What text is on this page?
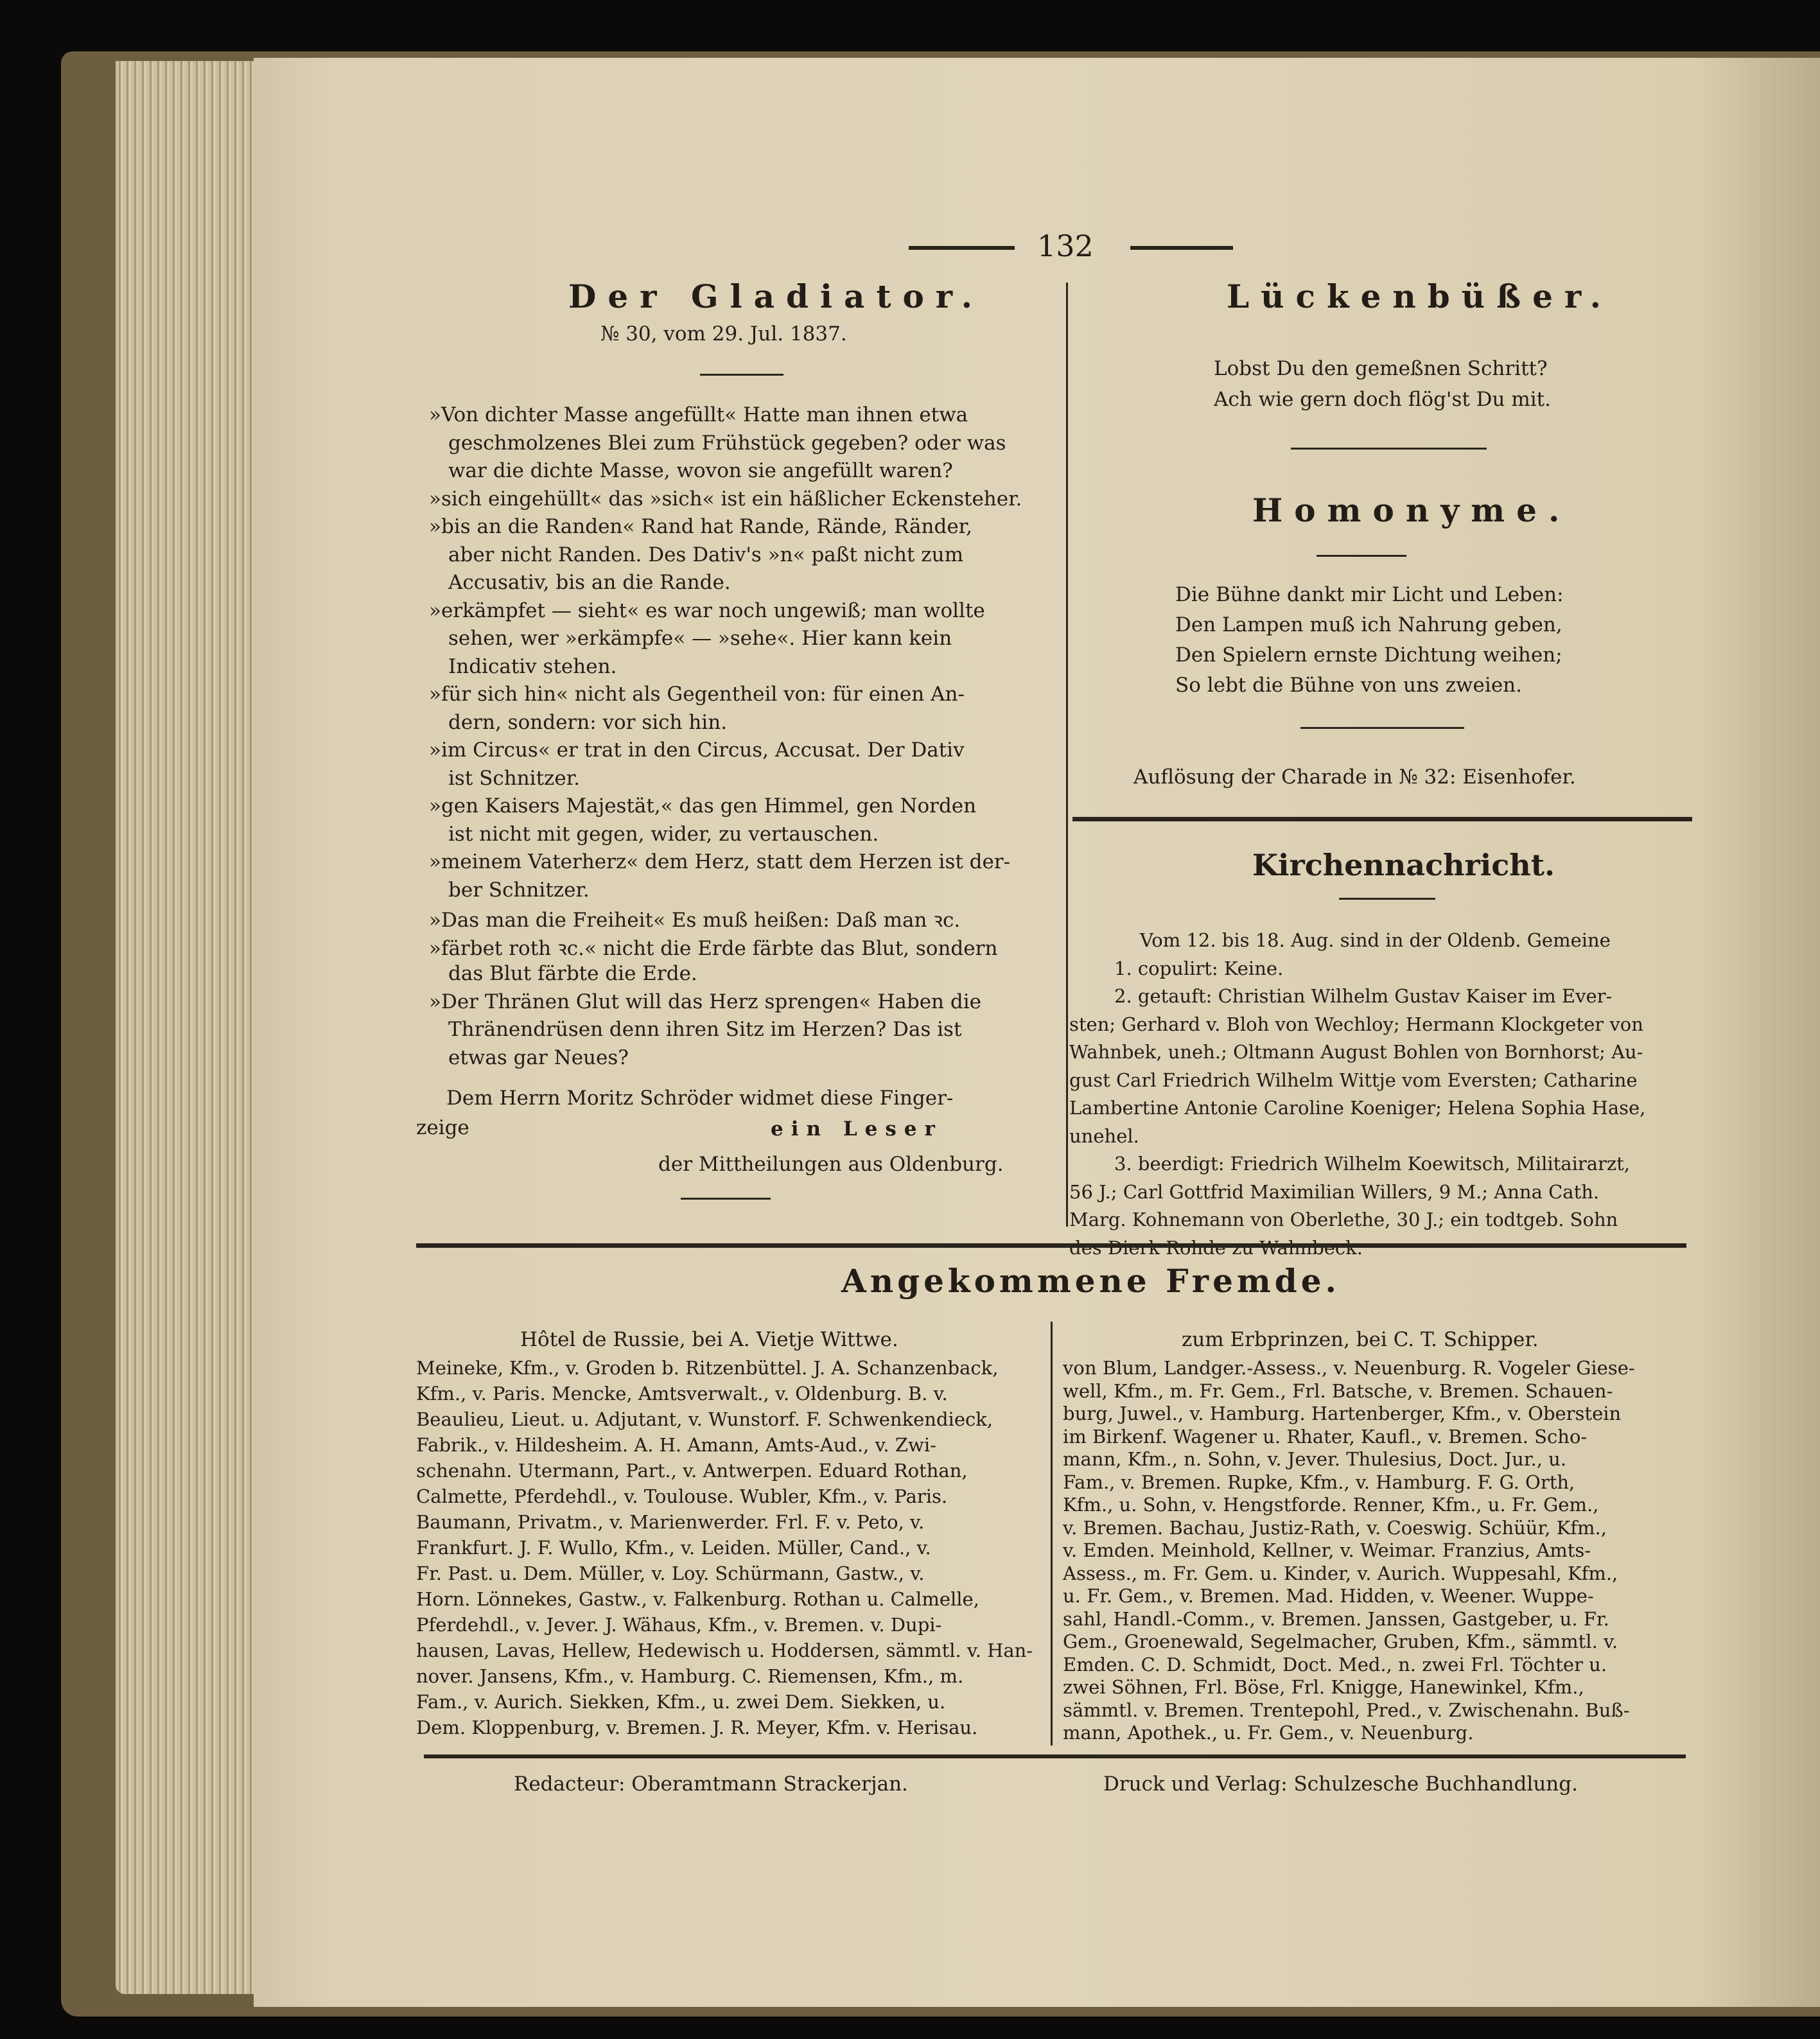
132
Der Gladiator.
№ 30, vom 29. Jul. 1837.
»Von dichter Masse angefüllt« Hatte man ihnen etwa
geschmolzenes Blei zum Frühstück gegeben? oder was
war die dichte Masse, wovon sie angefüllt waren?
»sich eingehüllt« das »sich« ist ein häßlicher Eckensteher.
»bis an die Randen« Rand hat Rande, Rände, Ränder,
aber nicht Randen. Des Dativ's »n« paßt nicht zum
Accusativ, bis an die Rande.
»erkämpfet — sieht« es war noch ungewiß; man wollte
sehen, wer »erkämpfe« — »sehe«. Hier kann kein
Indicativ stehen.
»für sich hin« nicht als Gegentheil von: für einen An-
dern, sondern: vor sich hin.
»im Circus« er trat in den Circus, Accusat. Der Dativ
ist Schnitzer.
»gen Kaisers Majestät,« das gen Himmel, gen Norden
ist nicht mit gegen, wider, zu vertauschen.
»meinem Vaterherz« dem Herz, statt dem Herzen ist der-
ber Schnitzer.
»Das man die Freiheit« Es muß heißen: Daß man ꝛc.
»färbet roth ꝛc.« nicht die Erde färbte das Blut, sondern
das Blut färbte die Erde.
»Der Thränen Glut will das Herz sprengen« Haben die
Thränendrüsen denn ihren Sitz im Herzen? Das ist
etwas gar Neues?
Dem Herrn Moritz Schröder widmet diese Finger-
zeige	ein Leser
der Mittheilungen aus Oldenburg.
Lückenbüßer.
Lobst Du den gemeßnen Schritt?
Ach wie gern doch flög'st Du mit.
Homonyme.
Die Bühne dankt mir Licht und Leben:
Den Lampen muß ich Nahrung geben,
Den Spielern ernste Dichtung weihen;
So lebt die Bühne von uns zweien.
Auflösung der Charade in № 32: Eisenhofer.
Kirchennachricht.
Vom 12. bis 18. Aug. sind in der Oldenb. Gemeine
1. copulirt: Keine.
2. getauft: Christian Wilhelm Gustav Kaiser im Ever-
sten; Gerhard v. Bloh von Wechloy; Hermann Klockgeter von
Wahnbek, uneh.; Oltmann August Bohlen von Bornhorst; Au-
gust Carl Friedrich Wilhelm Wittje vom Eversten; Catharine
Lambertine Antonie Caroline Koeniger; Helena Sophia Hase,
unehel.
3. beerdigt: Friedrich Wilhelm Koewitsch, Militairarzt,
56 J.; Carl Gottfrid Maximilian Willers, 9 M.; Anna Cath.
Marg. Kohnemann von Oberlethe, 30 J.; ein todtgeb. Sohn
Angekommene Fremde.
Hôtel de Russie, bei A. Vietje Wittwe.	zum Erbprinzen, bei C. T. Schipper.
Meineke, Kfm., v. Groden b. Ritzenbüttel. J. A. Schanzenback,
Kfm., v. Paris. Mencke, Amtsverwalt., v. Oldenburg. B. v.
Beaulieu, Lieut. u. Adjutant, v. Wunstorf. F. Schwenkendieck,
Fabrik., v. Hildesheim. A. H. Amann, Amts-Aud., v. Zwi-
schenahn. Utermann, Part., v. Antwerpen. Eduard Rothan,
Calmette, Pferdehdl., v. Toulouse. Wubler, Kfm., v. Paris.
Baumann, Privatm., v. Marienwerder. Frl. F. v. Peto, v.
Frankfurt. J. F. Wullo, Kfm., v. Leiden. Müller, Cand., v.
Fr. Past. u. Dem. Müller, v. Loy. Schürmann, Gastw., v.
Horn. Lönnekes, Gastw., v. Falkenburg. Rothan u. Calmelle,
Pferdehdl., v. Jever. J. Wähaus, Kfm., v. Bremen. v. Dupi-
hausen, Lavas, Hellew, Hedewisch u. Hoddersen, sämmtl. v. Han-
nover. Jansens, Kfm., v. Hamburg. C. Riemensen, Kfm., m.
Fam., v. Aurich. Siekken, Kfm., u. zwei Dem. Siekken, u.
Dem. Kloppenburg, v. Bremen. J. R. Meyer, Kfm. v. Herisau.
von Blum, Landger.-Assess., v. Neuenburg. R. Vogeler Giese-
well, Kfm., m. Fr. Gem., Frl. Batsche, v. Bremen. Schauen-
burg, Juwel., v. Hamburg. Hartenberger, Kfm., v. Oberstein
im Birkenf. Wagener u. Rhater, Kaufl., v. Bremen. Scho-
mann, Kfm., n. Sohn, v. Jever. Thulesius, Doct. Jur., u.
Fam., v. Bremen. Rupke, Kfm., v. Hamburg. F. G. Orth,
Kfm., u. Sohn, v. Hengstforde. Renner, Kfm., u. Fr. Gem.,
v. Bremen. Bachau, Justiz-Rath, v. Coeswig. Schüür, Kfm.,
v. Emden. Meinhold, Kellner, v. Weimar. Franzius, Amts-
Assess., m. Fr. Gem. u. Kinder, v. Aurich. Wuppesahl, Kfm.,
u. Fr. Gem., v. Bremen. Mad. Hidden, v. Weener. Wuppe-
sahl, Handl.-Comm., v. Bremen. Janssen, Gastgeber, u. Fr.
Gem., Groenewald, Segelmacher, Gruben, Kfm., sämmtl. v.
Emden. C. D. Schmidt, Doct. Med., n. zwei Frl. Töchter u.
zwei Söhnen, Frl. Böse, Frl. Knigge, Hanewinkel, Kfm.,
sämmtl. v. Bremen. Trentepohl, Pred., v. Zwischenahn. Buß-
mann, Apothek., u. Fr. Gem., v. Neuenburg.
Redacteur: Oberamtmann Strackerjan.	Druck und Verlag: Schulzesche Buchhandlung.
